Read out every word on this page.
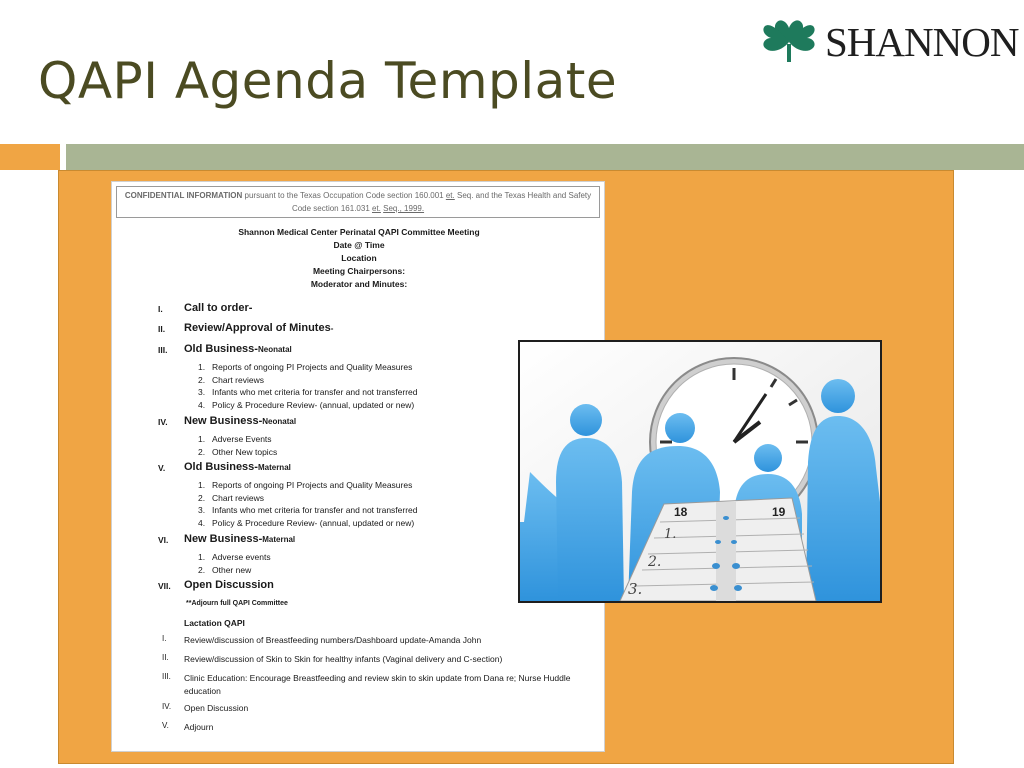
QAPI Agenda Template
SHANNON
CONFIDENTIAL INFORMATION pursuant to the Texas Occupation Code section 160.001 et. Seq. and the Texas Health and Safety
Code section 161.031 et. Seq., 1999.
Shannon Medical Center Perinatal QAPI Committee Meeting
Date @ Time
Location
Meeting Chairpersons:
Moderator and Minutes:
I. Call to order-
II. Review/Approval of Minutes-
III. Old Business-Neonatal
1. Reports of ongoing PI Projects and Quality Measures
2. Chart reviews
3. Infants who met criteria for transfer and not transferred
4. Policy & Procedure Review- (annual, updated or new)
IV. New Business-Neonatal
1. Adverse Events
2. Other New topics
V. Old Business-Maternal
1. Reports of ongoing PI Projects and Quality Measures
2. Chart reviews
3. Infants who met criteria for transfer and not transferred
4. Policy & Procedure Review- (annual, updated or new)
VI. New Business-Maternal
1. Adverse events
2. Other new
VII. Open Discussion
**Adjourn full QAPI Committee
Lactation QAPI
I. Review/discussion of Breastfeeding numbers/Dashboard update-Amanda John
II. Review/discussion of Skin to Skin for healthy infants (Vaginal delivery and C-section)
III. Clinic Education: Encourage Breastfeeding and review skin to skin update from Dana re; Nurse Huddle education
IV. Open Discussion
V. Adjourn
18	19
1.
2.
3.
